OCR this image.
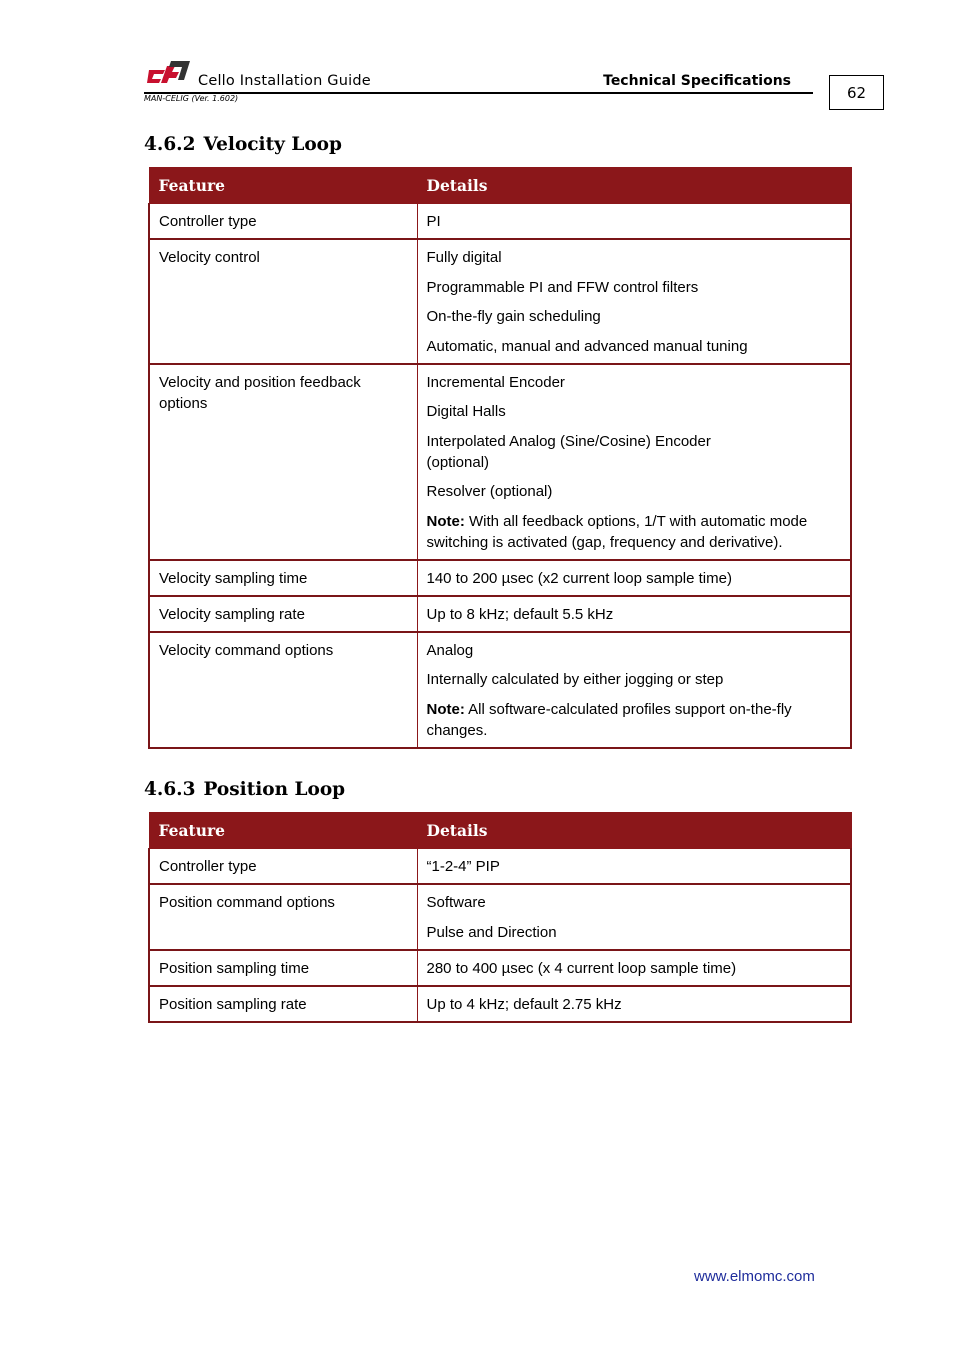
Cello Installation Guide	Technical Specifications
MAN-CELIG (Ver. 1.602)	62
4.6.2 Velocity Loop
Feature	Details
Controller type	PI

Velocity control	Fully digital
Programmable PI and FFW control filters
On-the-fly gain scheduling
Automatic, manual and advanced manual tuning

Velocity and position feedback options	Incremental Encoder
Digital Halls
Interpolated Analog (Sine/Cosine) Encoder (optional)
Resolver (optional)
Note: With all feedback options, 1/T with automatic mode switching is activated (gap, frequency and derivative).

Velocity sampling time	140 to 200 µsec (x2 current loop sample time)

Velocity sampling rate	Up to 8 kHz; default 5.5 kHz

Velocity command options	Analog
Internally calculated by either jogging or step
Note: All software-calculated profiles support on-the-fly changes.
4.6.3 Position Loop
Feature	Details
Controller type	“1-2-4” PIP

Position command options	Software
Pulse and Direction

Position sampling time	280 to 400 µsec (x 4 current loop sample time)

Position sampling rate	Up to 4 kHz; default 2.75 kHz
www.elmomc.com
